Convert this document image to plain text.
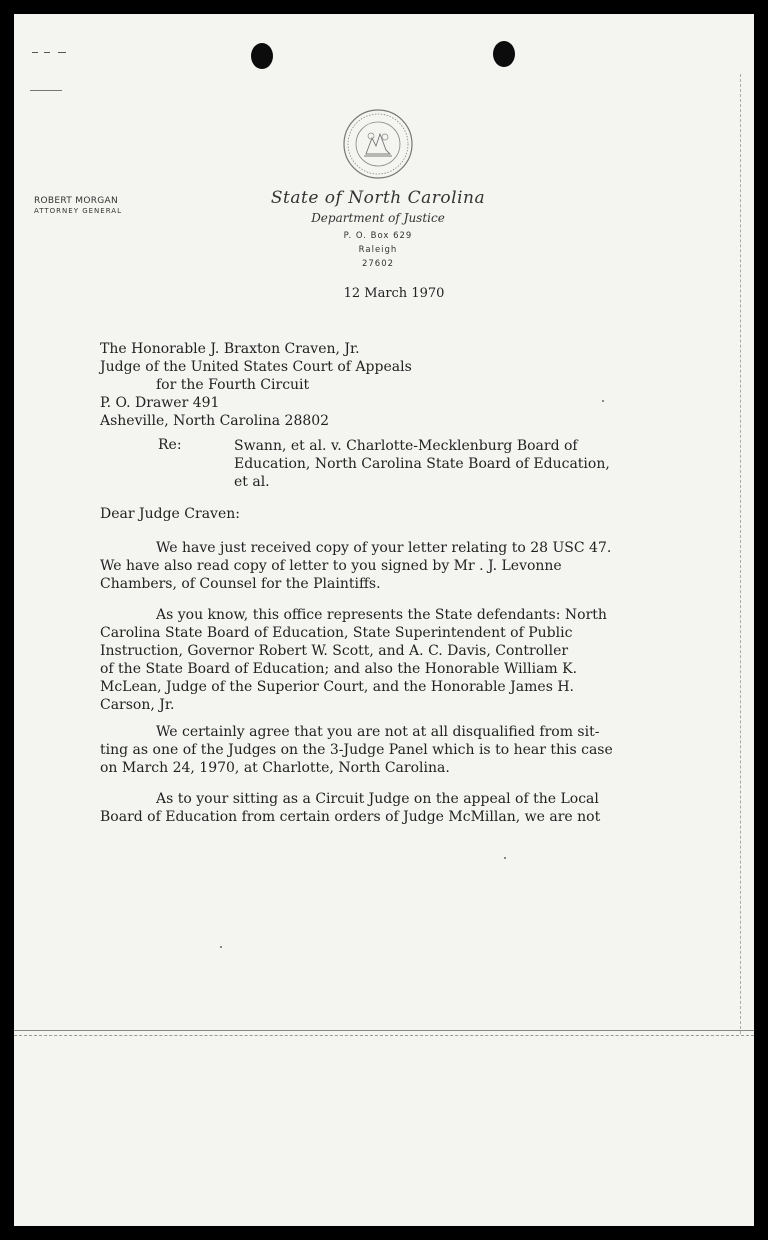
ROBERT MORGAN
ATTORNEY GENERAL
State of North Carolina
Department of Justice
P. O. Box 629
Raleigh
27602
12 March 1970
The Honorable J. Braxton Craven, Jr.
Judge of the United States Court of Appeals
for the Fourth Circuit
P. O. Drawer 491
Asheville, North Carolina 28802
Re:	Swann, et al. v. Charlotte-Mecklenburg Board of
Education, North Carolina State Board of Education,
et al.
Dear Judge Craven:
We have just received copy of your letter relating to 28 USC 47.
We have also read copy of letter to you signed by Mr . J. Levonne
Chambers, of Counsel for the Plaintiffs.
As you know, this office represents the State defendants: North
Carolina State Board of Education, State Superintendent of Public
Instruction, Governor Robert W. Scott, and A. C. Davis, Controller
of the State Board of Education; and also the Honorable William K.
McLean, Judge of the Superior Court, and the Honorable James H.
Carson, Jr.
We certainly agree that you are not at all disqualified from sit-
ting as one of the Judges on the 3-Judge Panel which is to hear this case
on March 24, 1970, at Charlotte, North Carolina.
As to your sitting as a Circuit Judge on the appeal of the Local
Board of Education from certain orders of Judge McMillan, we are not
